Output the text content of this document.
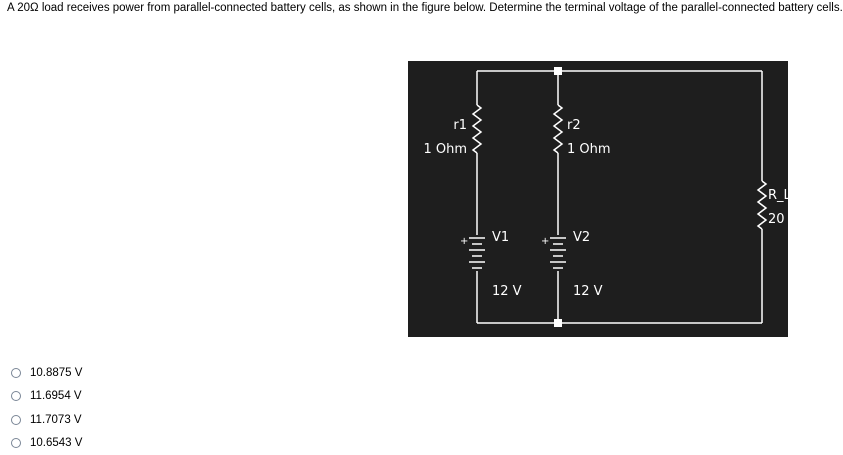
A 20Ω load receives power from parallel-connected battery cells, as shown in the figure below. Determine the terminal voltage of the parallel-connected battery cells.
r1
1 Ohm
r2
1 Ohm
R_LOAD
20 Ohms
V1
12 V
V2
12 V
+	+
10.8875 V
11.6954 V
11.7073 V
10.6543 V
